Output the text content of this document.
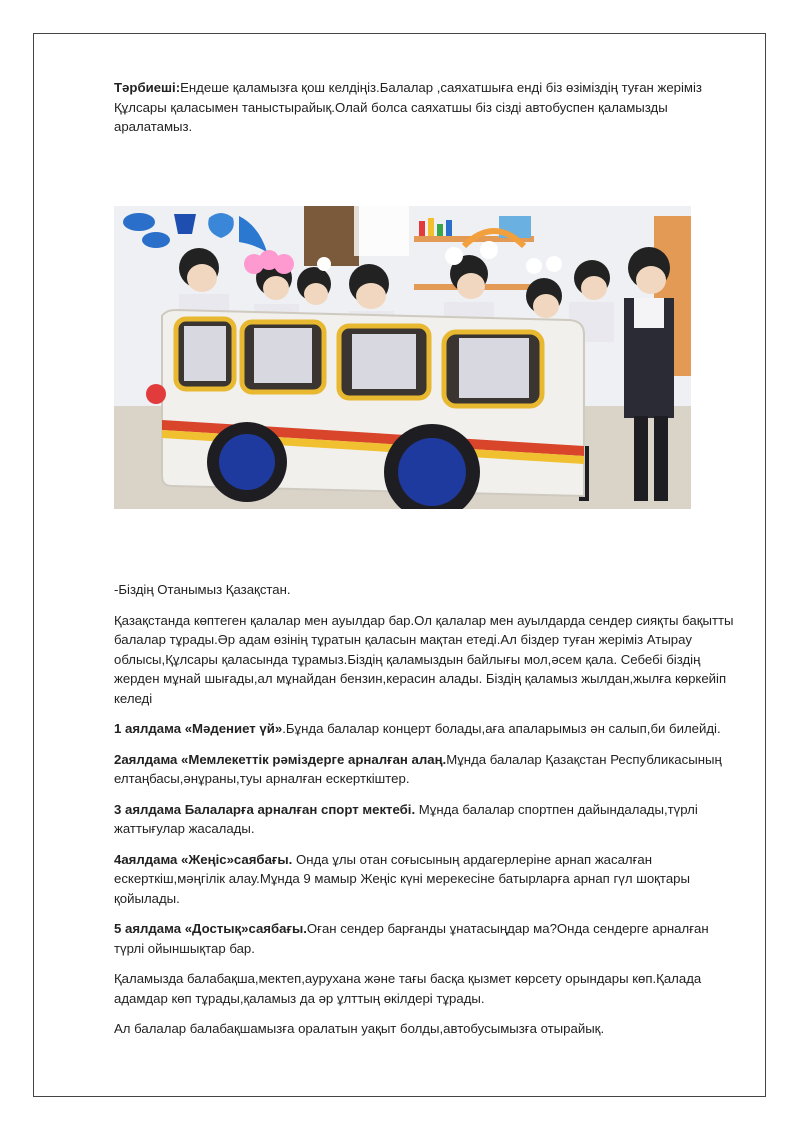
Тәрбиеші:Ендеше қаламызға қош келдіңіз.Балалар ,саяхатшыға енді біз өзіміздің туған жеріміз Құлсары қаласымен таныстырайық.Олай болса саяхатшы біз сізді автобуспен қаламызды аралатамыз.

-Біздің Отанымыз Қазақстан.

Қазақстанда көптеген қалалар мен ауылдар бар.Ол қалалар мен ауылдарда сендер сияқты бақытты балалар тұрады.Әр адам өзінің тұратын қаласын мақтан етеді.Ал біздер туған жеріміз Атырау облысы,Құлсары қаласында тұрамыз.Біздің қаламыздын байлығы мол,әсем қала. Себебі біздің жерден мұнай шығады,ал мұнайдан бензин,керасин алады. Біздің қаламыз жылдан,жылға көркейіп келеді

1 аялдама «Мәдениет үй».Бұнда балалар концерт болады,аға апаларымыз ән салып,би билейді.

2аялдама «Мемлекеттік рәміздерге арналған алаң.Мұнда балалар Қазақстан Республикасының елтаңбасы,әнұраны,туы арналған ескерткіштер.

3 аялдама Балаларға арналған спорт мектебі. Мұнда балалар спортпен дайындалады,түрлі жаттығулар жасалады.

4аялдама «Жеңіс»саябағы. Онда ұлы отан соғысының ардагерлеріне арнап жасалған ескерткіш,мәңгілік алау.Мұнда 9 мамыр Жеңіс күні мерекесіне батырларға арнап гүл шоқтары қойылады.

5 аялдама «Достық»саябағы.Оған сендер барғанды ұнатасыңдар ма?Онда сендерге арналған түрлі ойыншықтар бар.

Қаламызда балабақша,мектеп,аурухана және тағы басқа қызмет көрсету орындары көп.Қалада адамдар көп тұрады,қаламыз да әр ұлттың өкілдері тұрады.

Ал балалар балабақшамызға оралатын уақыт болды,автобусымызға отырайық.
